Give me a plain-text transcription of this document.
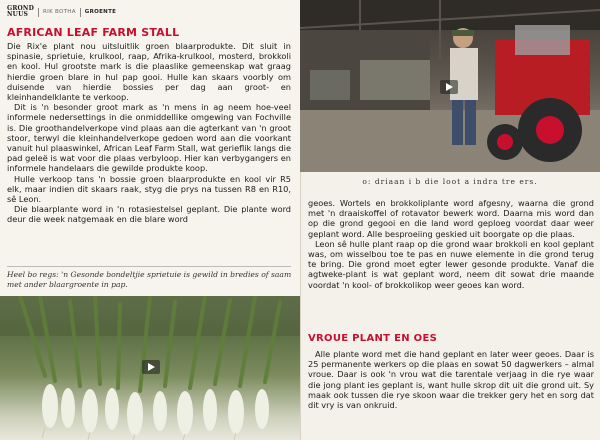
GROND
NUUS	RIK BOTHA GROENTE
AFRICAN LEAF FARM STALL

Die Rix'e plant nou uitsluitlik groen blaarprodukte. Dit sluit in spinasie, sprietuie, krulkool, raap, Afrika-krulkool, mosterd, brokkoli en kool. Hul grootste mark is die plaaslike gemeenskap wat graag hierdie groen blare in hul pap gooi. Hulle kan skaars voorbly om duisende van hierdie bossies per dag aan groot- en kleinhandelklante te verkoop.

Dit is 'n besonder groot mark as 'n mens in ag neem hoe-veel informele nedersettings in die onmiddellike omgewing van Fochville is. Die groothandelverkope vind plaas aan die agterkant van 'n groot stoor, terwyl die kleinhandelverkope gedoen word aan die voorkant vanuit hul plaaswinkel, African Leaf Farm Stall, wat gerieflik langs die pad geleë is wat voor die plaas verbyloop. Hier kan verbygangers en informele handelaars die gewilde produkte koop.

Hulle verkoop tans 'n bossie groen blaarprodukte en kool vir R5 elk, maar indien dit skaars raak, styg die prys na tussen R8 en R10, sê Leon.

Die blaarplante word in 'n rotasiestelsel geplant. Die plante word deur die week natgemaak en die blare word

Heel bo regs: 'n Gesonde bondeltjie sprietuie is gewild in bredies of saam met ander blaargroente in pap.
o: driaan i b die loot a indra tre ers.

geoes. Wortels en brokkoliplante word afgesny, waarna die grond met 'n draaiskoffel of rotavator bewerk word. Daarna mis word dan op die grond gegooi en die land word geploeg voordat daar weer geplant word. Alle besproeiing geskied uit boorgate op die plaas.

Leon sê hulle plant raap op die grond waar brokkoli en kool geplant was, om wisselbou toe te pas en nuwe elemente in die grond terug te bring. Die grond moet egter lewer gesonde produkte. Vanaf die agtweke-plant is wat geplant word, neem dit sowat drie maande voordat 'n kool- of brokkolikop weer geoes kan word.

VROUE PLANT EN OES

Alle plante word met die hand geplant en later weer geoes. Daar is 25 permanente werkers op die plaas en sowat 50 dagwerkers – almal vroue. Daar is ook 'n vrou wat die tarentale verjaag in die rye waar die jong plant ies geplant is, want hulle skrop dit uit die grond uit. Sy maak ook tussen die rye skoon waar die trekker gery het en sorg dat dit vry is van onkruid.
